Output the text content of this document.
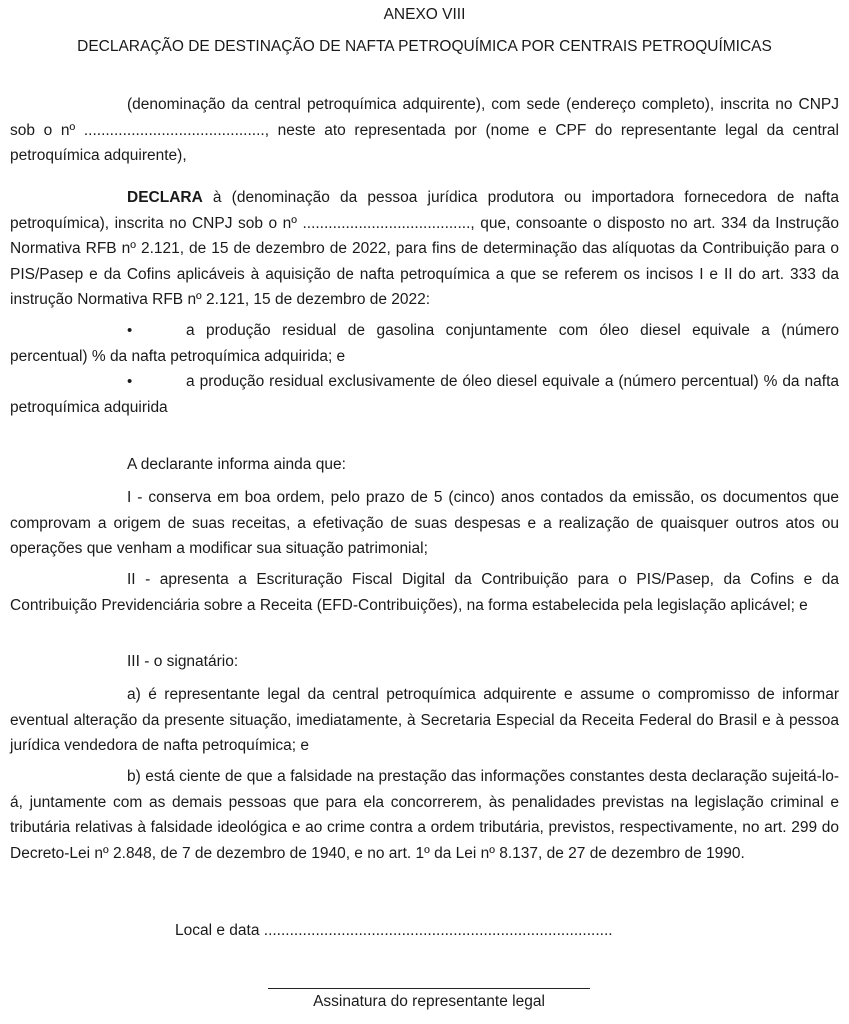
ANEXO VIII
DECLARAÇÃO DE DESTINAÇÃO DE NAFTA PETROQUÍMICA POR CENTRAIS PETROQUÍMICAS

(denominação da central petroquímica adquirente), com sede (endereço completo), inscrita no CNPJ sob o nº .........................................., neste ato representada por (nome e CPF do representante legal da central petroquímica adquirente),

DECLARA à (denominação da pessoa jurídica produtora ou importadora fornecedora de nafta petroquímica), inscrita no CNPJ sob o nº ......................................., que, consoante o disposto no art. 334 da Instrução Normativa RFB nº 2.121, de 15 de dezembro de 2022, para fins de determinação das alíquotas da Contribuição para o PIS/Pasep e da Cofins aplicáveis à aquisição de nafta petroquímica a que se referem os incisos I e II do art. 333 da instrução Normativa RFB nº 2.121, 15 de dezembro de 2022:

•	a produção residual de gasolina conjuntamente com óleo diesel equivale a (número percentual) % da nafta petroquímica adquirida; e

•	a produção residual exclusivamente de óleo diesel equivale a (número percentual) % da nafta petroquímica adquirida

A declarante informa ainda que:

I - conserva em boa ordem, pelo prazo de 5 (cinco) anos contados da emissão, os documentos que comprovam a origem de suas receitas, a efetivação de suas despesas e a realização de quaisquer outros atos ou operações que venham a modificar sua situação patrimonial;

II - apresenta a Escrituração Fiscal Digital da Contribuição para o PIS/Pasep, da Cofins e da Contribuição Previdenciária sobre a Receita (EFD-Contribuições), na forma estabelecida pela legislação aplicável; e

III - o signatário:

a) é representante legal da central petroquímica adquirente e assume o compromisso de informar eventual alteração da presente situação, imediatamente, à Secretaria Especial da Receita Federal do Brasil e à pessoa jurídica vendedora de nafta petroquímica; e

b) está ciente de que a falsidade na prestação das informações constantes desta declaração sujeitá-lo-á, juntamente com as demais pessoas que para ela concorrerem, às penalidades previstas na legislação criminal e tributária relativas à falsidade ideológica e ao crime contra a ordem tributária, previstos, respectivamente, no art. 299 do Decreto-Lei nº 2.848, de 7 de dezembro de 1940, e no art. 1º da Lei nº 8.137, de 27 de dezembro de 1990.

Local e data .................................................................................
Assinatura do representante legal
